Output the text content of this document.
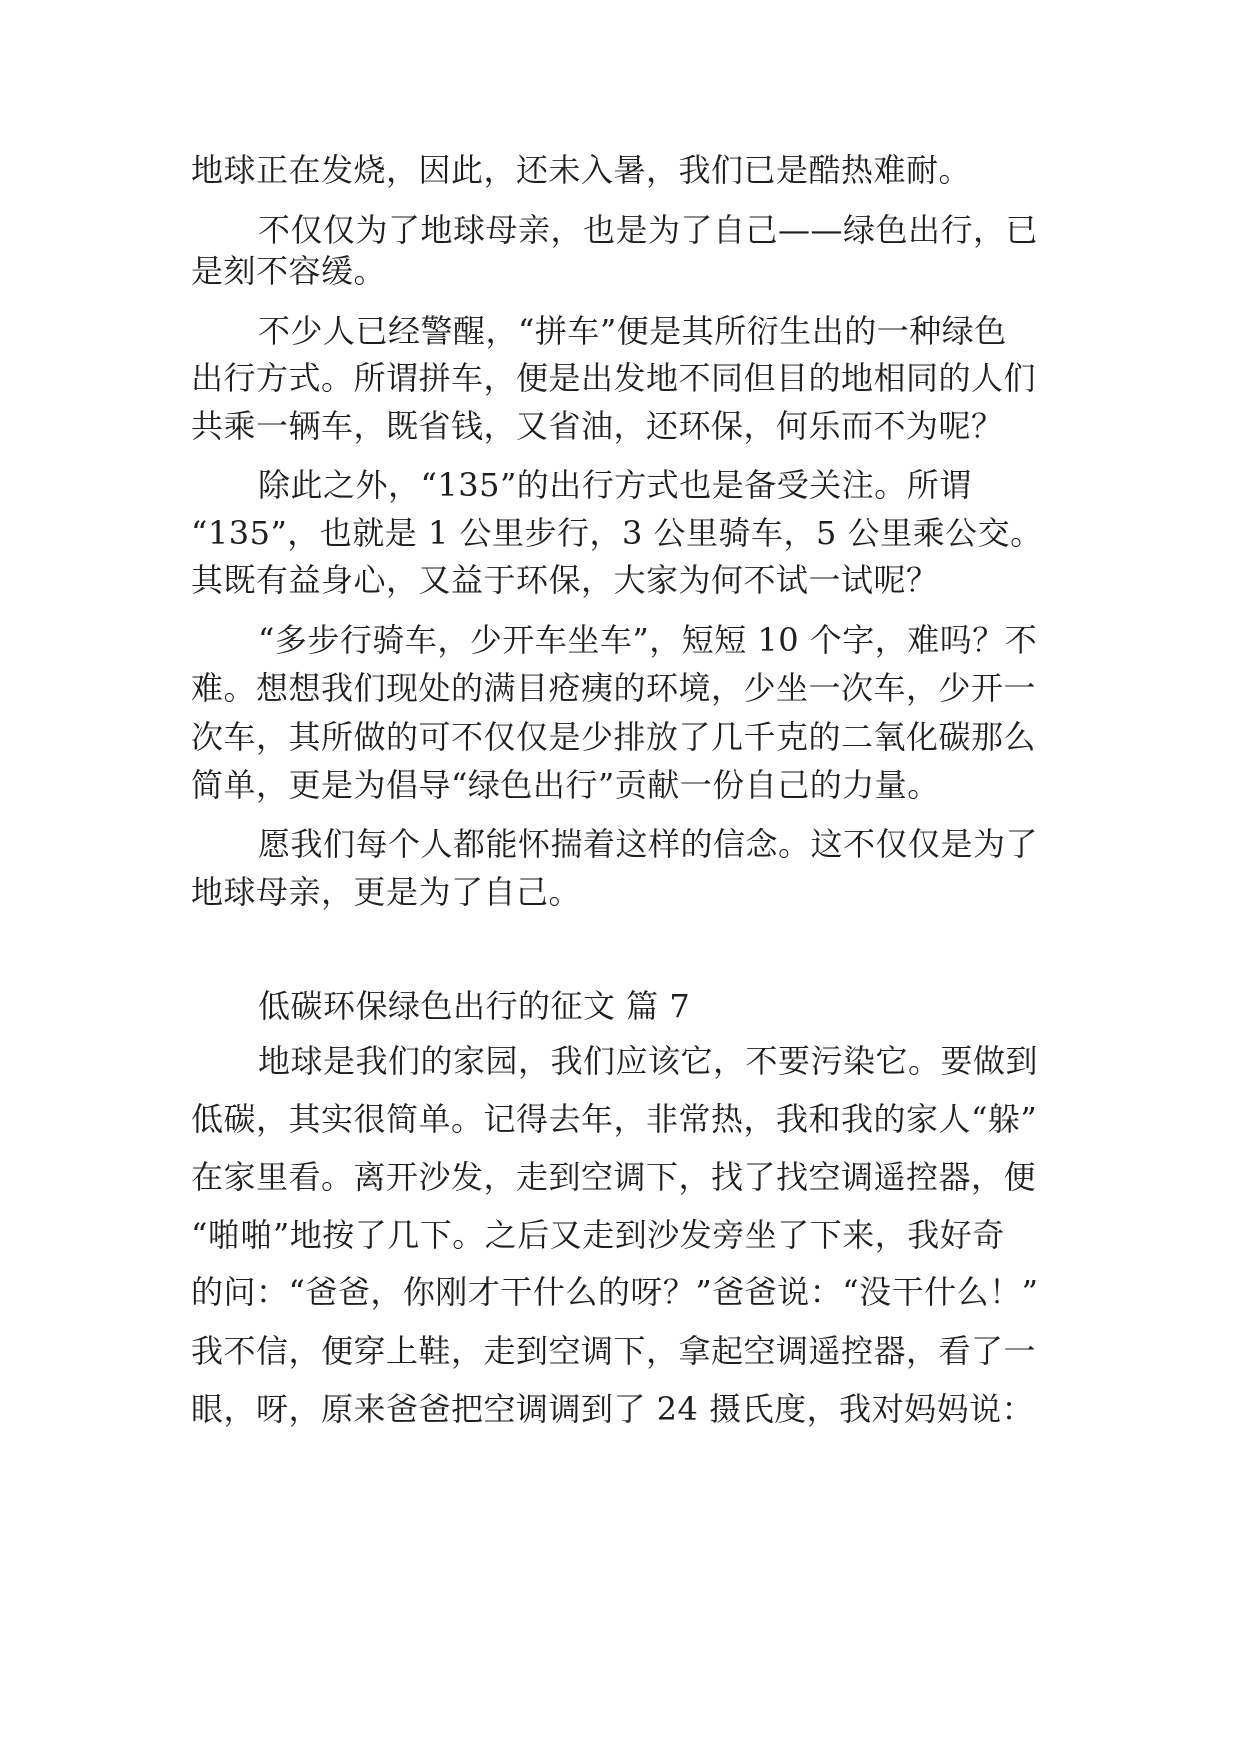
地球正在发烧，因此，还未入暑，我们已是酷热难耐。
不仅仅为了地球母亲，也是为了自己——绿色出行，已
是刻不容缓。
不少人已经警醒，“拼车”便是其所衍生出的一种绿色
出行方式。所谓拼车，便是出发地不同但目的地相同的人们
共乘一辆车，既省钱，又省油，还环保，何乐而不为呢？
除此之外，“135”的出行方式也是备受关注。所谓
“135”，也就是 1 公里步行，3 公里骑车，5 公里乘公交。
其既有益身心，又益于环保，大家为何不试一试呢？
“多步行骑车，少开车坐车”，短短 10 个字，难吗？不
难。想想我们现处的满目疮痍的环境，少坐一次车，少开一
次车，其所做的可不仅仅是少排放了几千克的二氧化碳那么
简单，更是为倡导“绿色出行”贡献一份自己的力量。
愿我们每个人都能怀揣着这样的信念。这不仅仅是为了
地球母亲，更是为了自己。
低碳环保绿色出行的征文 篇 7
地球是我们的家园，我们应该它，不要污染它。要做到
低碳，其实很简单。记得去年，非常热，我和我的家人“躲”
在家里看。离开沙发，走到空调下，找了找空调遥控器，便
“啪啪”地按了几下。之后又走到沙发旁坐了下来，我好奇
的问：“爸爸，你刚才干什么的呀？”爸爸说：“没干什么！”
我不信，便穿上鞋，走到空调下，拿起空调遥控器，看了一
眼，呀，原来爸爸把空调调到了 24 摄氏度，我对妈妈说：
